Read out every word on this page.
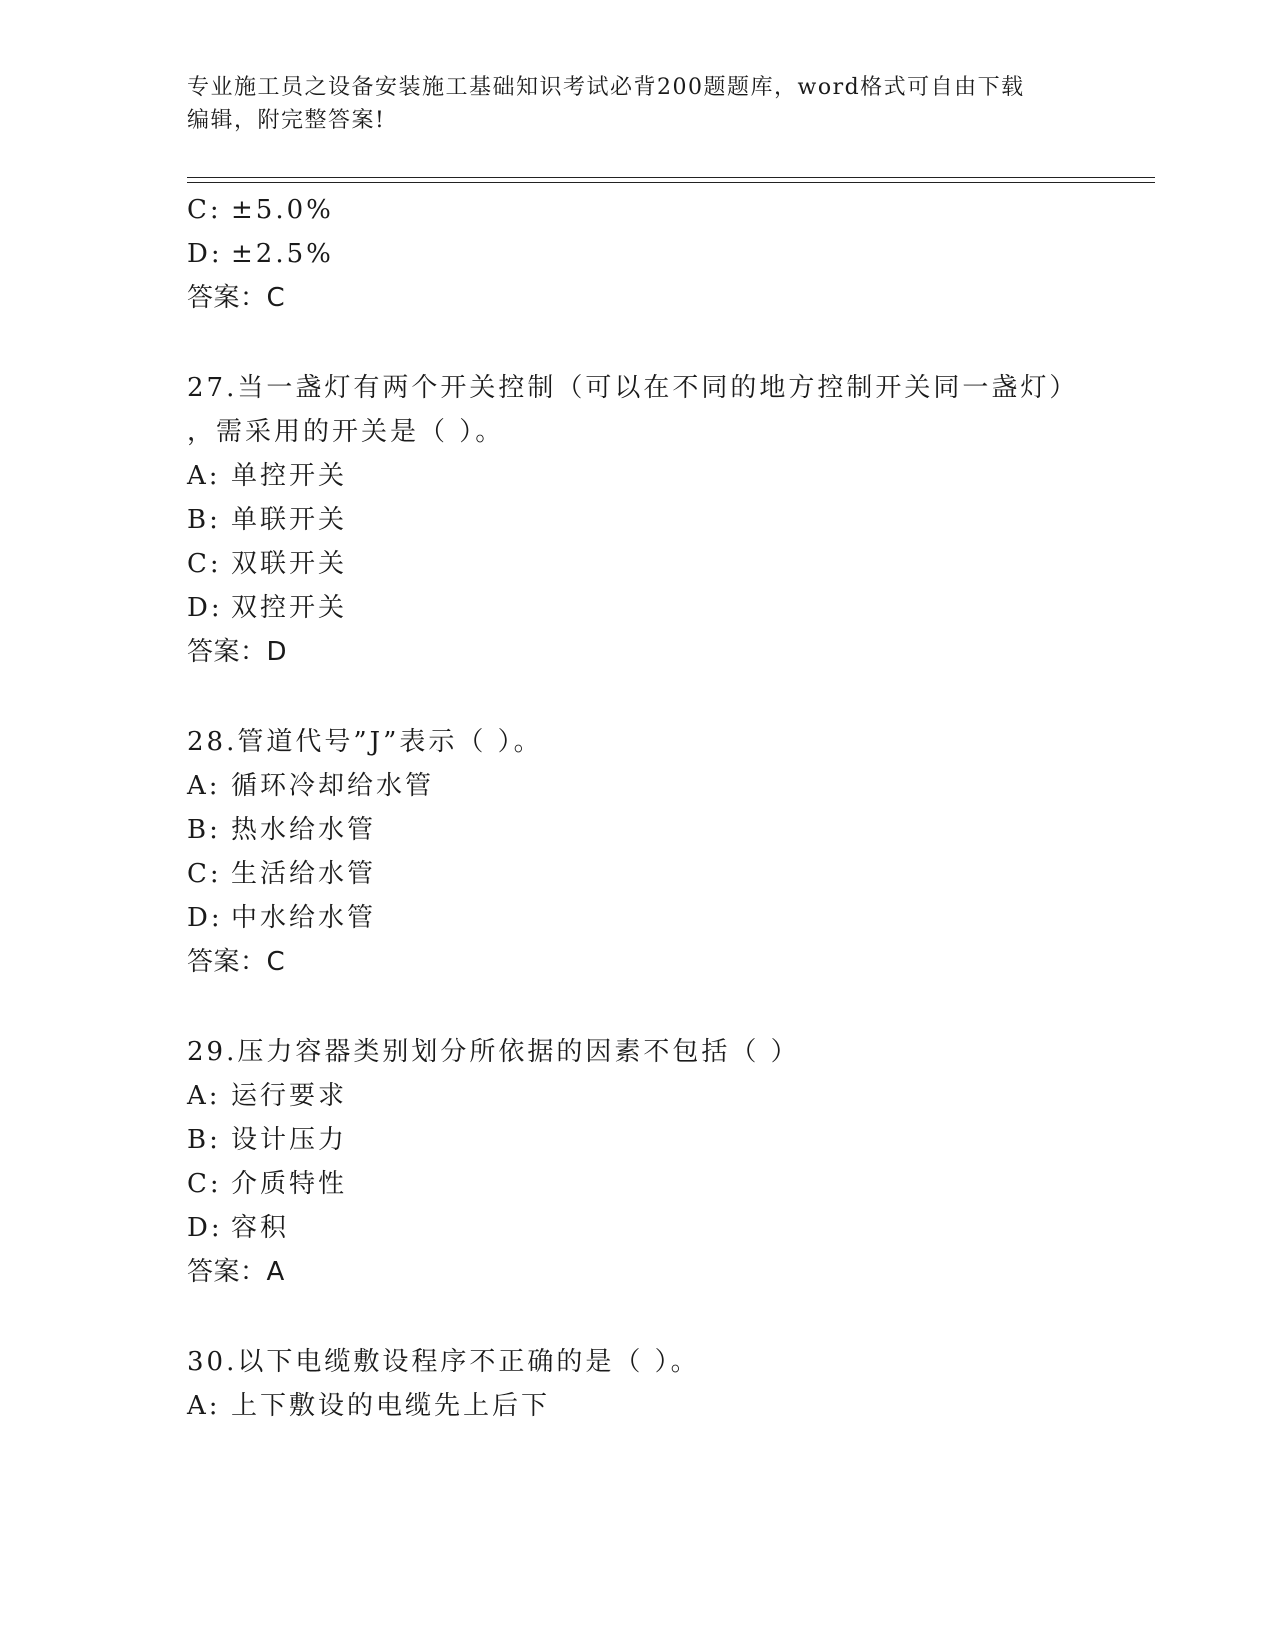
专业施工员之设备安装施工基础知识考试必背200题题库，word格式可自由下载
编辑，附完整答案!
C: ±5.0%
D: ±2.5%
答案：C
27.当一盏灯有两个开关控制（可以在不同的地方控制开关同一盏灯）
，需采用的开关是（ ）。
A: 单控开关
B: 单联开关
C: 双联开关
D: 双控开关
答案：D
28.管道代号”J”表示（ ）。
A: 循环冷却给水管
B: 热水给水管
C: 生活给水管
D: 中水给水管
答案：C
29.压力容器类别划分所依据的因素不包括（ ）
A: 运行要求
B: 设计压力
C: 介质特性
D: 容积
答案：A
30.以下电缆敷设程序不正确的是（ ）。
A: 上下敷设的电缆先上后下
